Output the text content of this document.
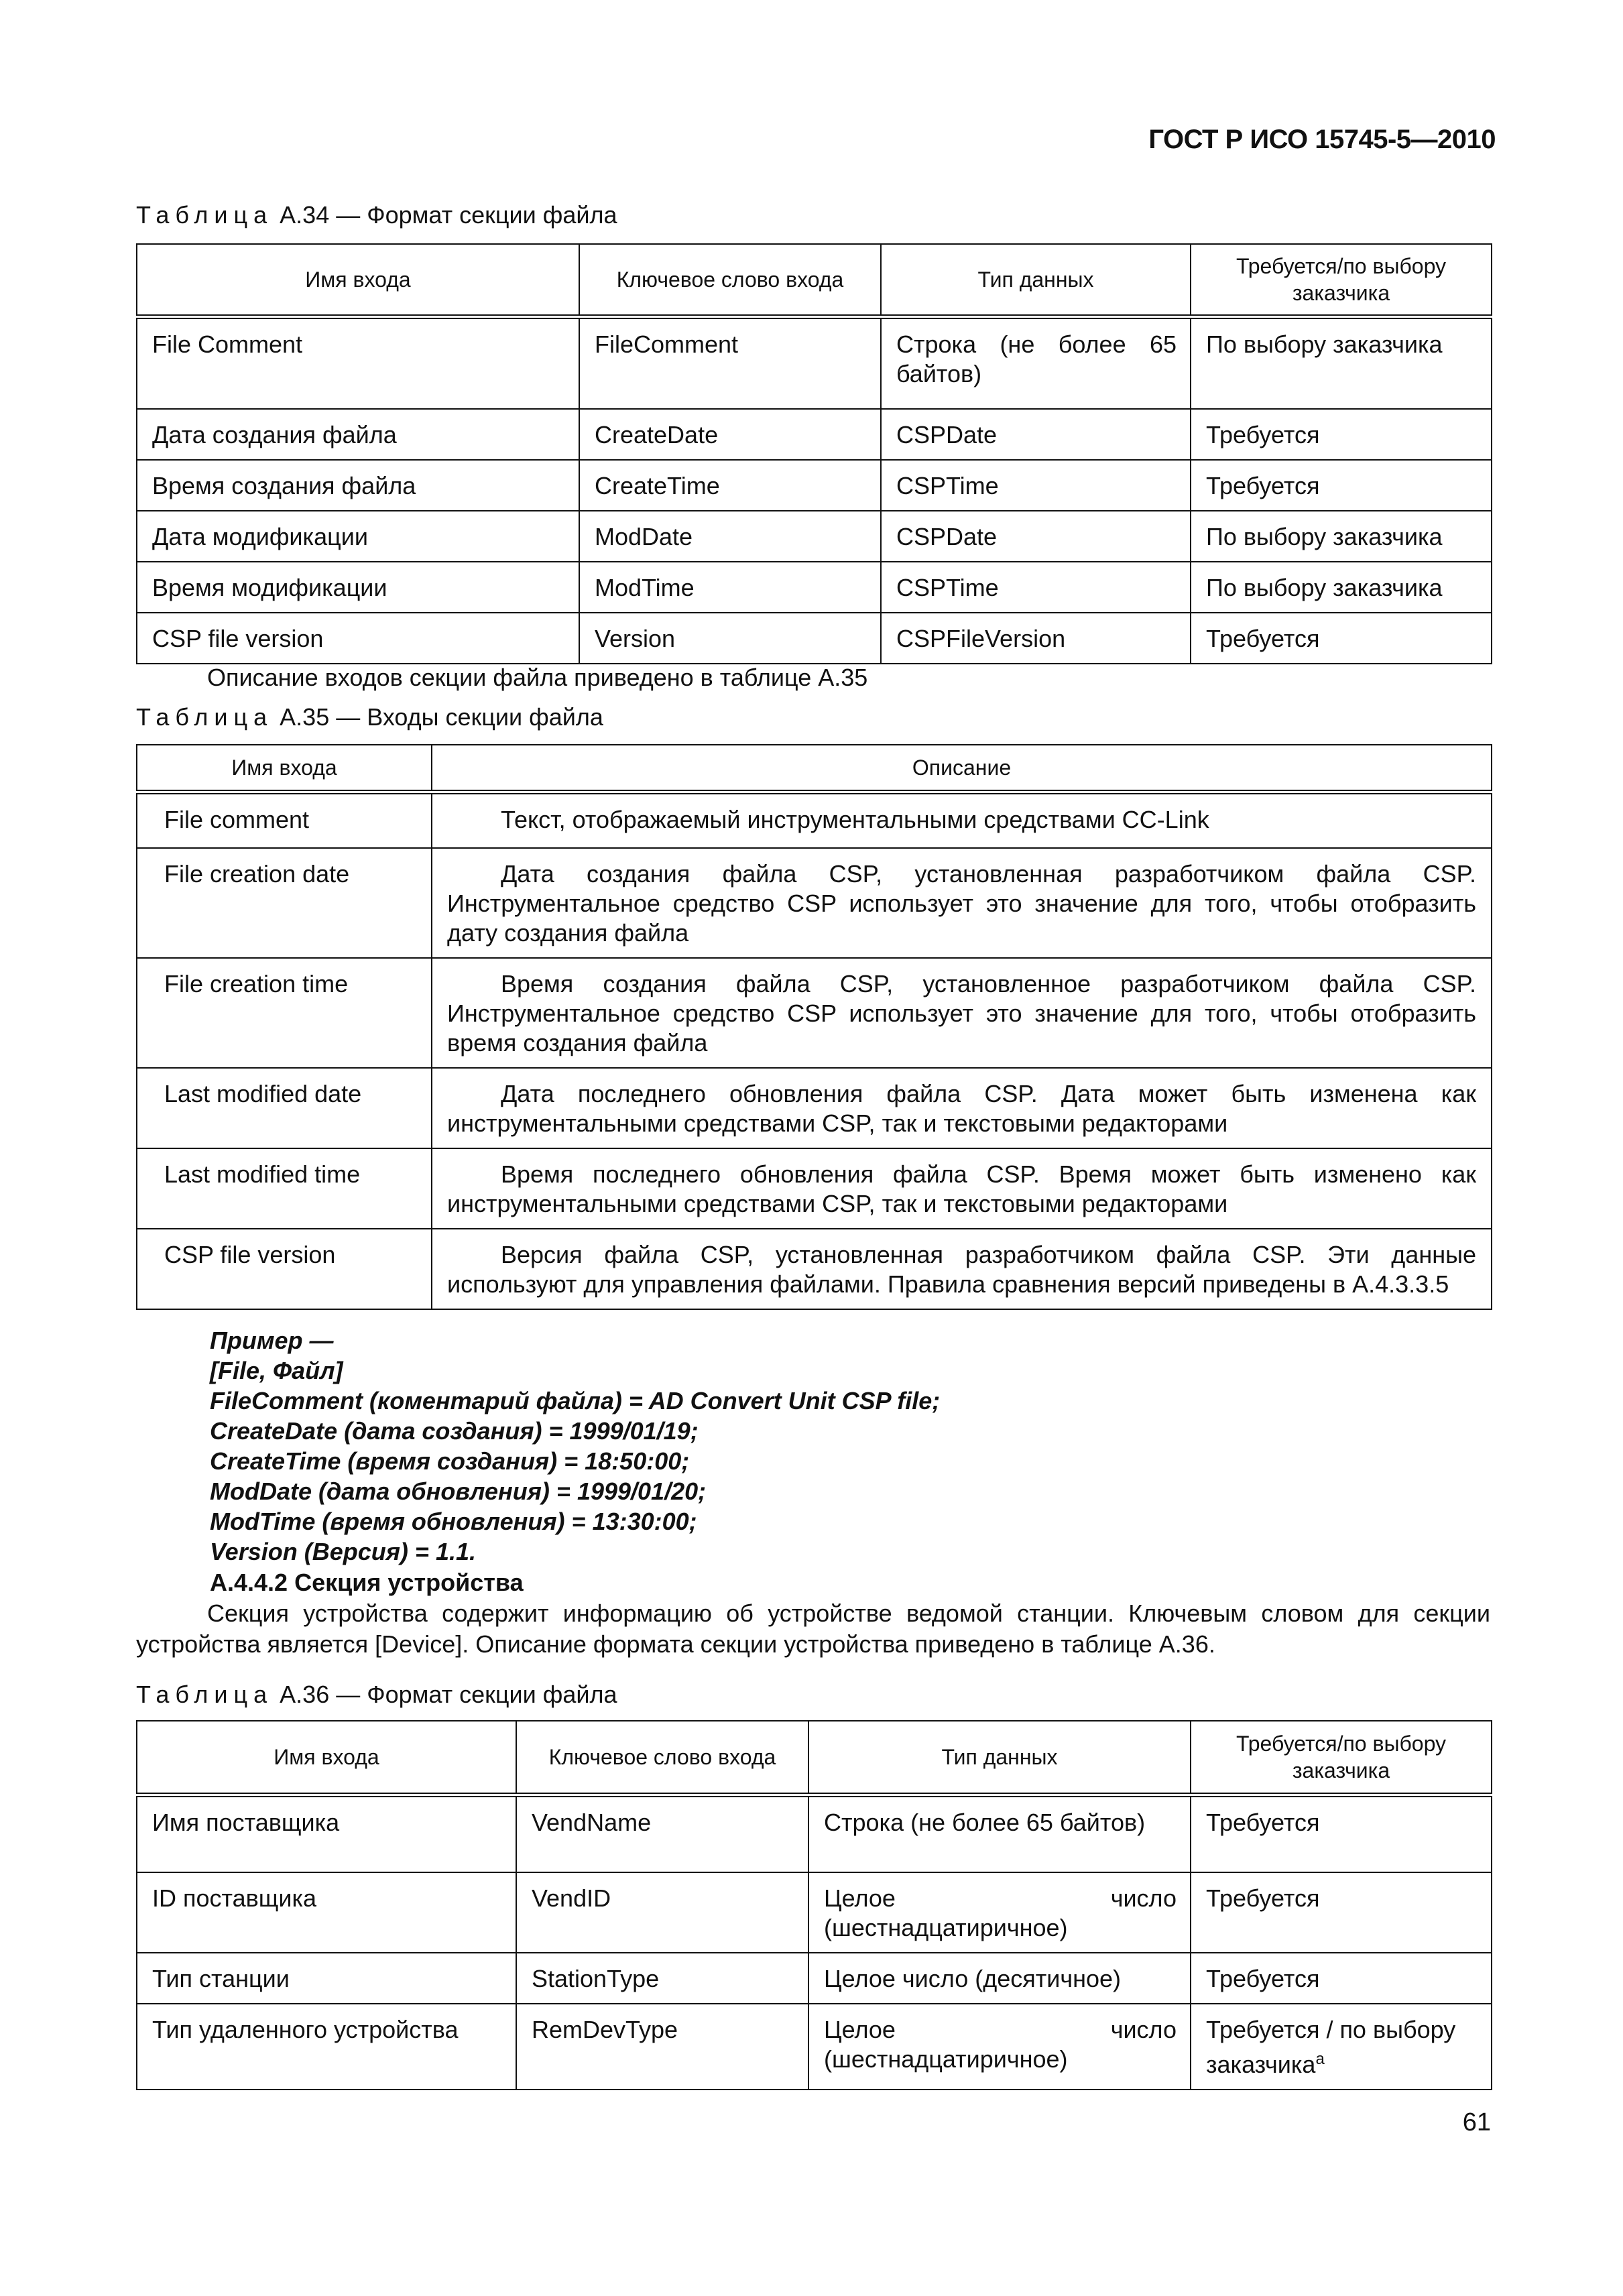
ГОСТ Р ИСО 15745-5—2010
Таблица А.34 — Формат секции файла
Имя входа	Ключевое слово входа	Тип данных	Требуется/по выбору заказчика
File Comment	FileComment	Строка (не более 65 байтов)	По выбору заказчика
Дата создания файла	CreateDate	CSPDate	Требуется
Время создания файла	CreateTime	CSPTime	Требуется
Дата модификации	ModDate	CSPDate	По выбору заказчика
Время модификации	ModTime	CSPTime	По выбору заказчика
CSP file version	Version	CSPFileVersion	Требуется
Описание входов секции файла приведено в таблице А.35
Таблица А.35 — Входы секции файла
Имя входа	Описание
File comment	Текст, отображаемый инструментальными средствами CC-Link
File creation date	Дата создания файла CSP, установленная разработчиком файла CSP. Инструментальное средство CSP использует это значение для того, чтобы отобразить дату создания файла
File creation time	Время создания файла CSP, установленное разработчиком файла CSP. Инструментальное средство CSP использует это значение для того, чтобы отобразить время создания файла
Last modified date	Дата последнего обновления файла CSP. Дата может быть изменена как инструментальными средствами CSP, так и текстовыми редакторами
Last modified time	Время последнего обновления файла CSP. Время может быть изменено как инструментальными средствами CSP, так и текстовыми редакторами
CSP file version	Версия файла CSP, установленная разработчиком файла CSP. Эти данные используют для управления файлами. Правила сравнения версий приведены в А.4.3.3.5
Пример —
[File, Файл]
FileComment (коментарий файла) = AD Convert Unit CSP file;
CreateDate (дата создания) = 1999/01/19;
CreateTime (время создания) = 18:50:00;
ModDate (дата обновления) = 1999/01/20;
ModTime (время обновления) = 13:30:00;
Version (Версия) = 1.1.
А.4.4.2 Секция устройства
Секция устройства содержит информацию об устройстве ведомой станции. Ключевым словом для секции устройства является [Device]. Описание формата секции устройства приведено в таблице А.36.
Таблица А.36 — Формат секции файла
Имя входа	Ключевое слово входа	Тип данных	Требуется/по выбору заказчика
Имя поставщика	VendName	Строка (не более 65 байтов)	Требуется
ID поставщика	VendID	Целое число (шестнадцатиричное)	Требуется
Тип станции	StationType	Целое число (десятичное)	Требуется
Тип удаленного устройства	RemDevType	Целое число (шестнадцатиричное)	Требуется / по выбору заказчика$^a$
61
